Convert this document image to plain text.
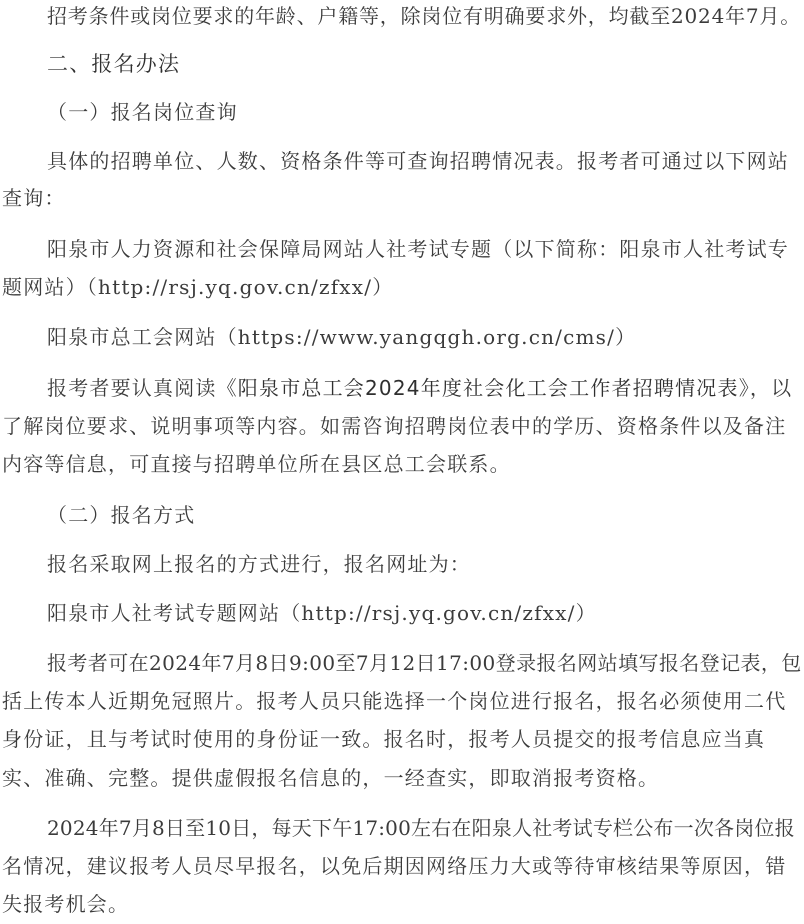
招考条件或岗位要求的年龄、户籍等，除岗位有明确要求外，均截至2024年7月。
二、报名办法
（一）报名岗位查询
具体的招聘单位、人数、资格条件等可查询招聘情况表。报考者可通过以下网站
查询：
阳泉市人力资源和社会保障局网站人社考试专题（以下简称：阳泉市人社考试专
题网站）（http://rsj.yq.gov.cn/zfxx/）
阳泉市总工会网站（https://www.yangqgh.org.cn/cms/）
报考者要认真阅读《阳泉市总工会2024年度社会化工会工作者招聘情况表》，以
了解岗位要求、说明事项等内容。如需咨询招聘岗位表中的学历、资格条件以及备注
内容等信息，可直接与招聘单位所在县区总工会联系。
（二）报名方式
报名采取网上报名的方式进行，报名网址为：
阳泉市人社考试专题网站（http://rsj.yq.gov.cn/zfxx/）
报考者可在2024年7月8日9:00至7月12日17:00登录报名网站填写报名登记表，包
括上传本人近期免冠照片。报考人员只能选择一个岗位进行报名，报名必须使用二代
身份证，且与考试时使用的身份证一致。报名时，报考人员提交的报考信息应当真
实、准确、完整。提供虚假报名信息的，一经查实，即取消报考资格。
2024年7月8日至10日，每天下午17:00左右在阳泉人社考试专栏公布一次各岗位报
名情况，建议报考人员尽早报名，以免后期因网络压力大或等待审核结果等原因，错
失报考机会。
